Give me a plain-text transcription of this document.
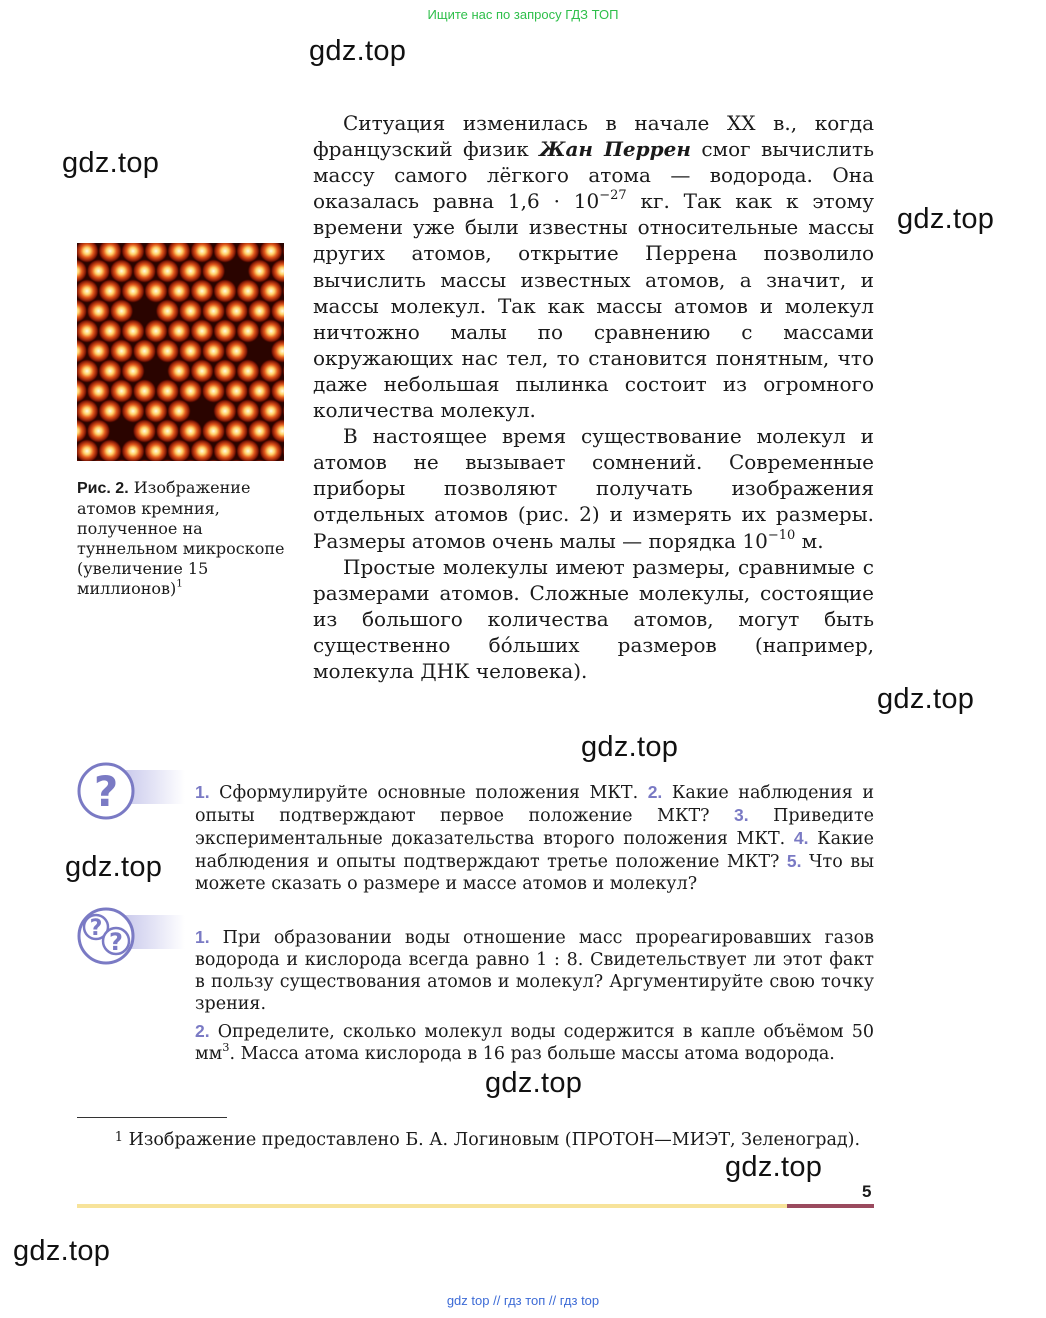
Ищите нас по запросу ГДЗ ТОП
gdz.top
gdz.top
gdz.top
gdz.top
gdz.top
gdz.top
gdz.top
gdz.top
gdz.top

Ситуация изменилась в начале XX в., когда французский физик Жан Перрен смог вычислить массу самого лёгкого атома — водорода. Она оказалась равна $1,6 \cdot 10^{-27}$ кг. Так как к этому времени уже были известны относительные массы других атомов, открытие Перрена позволило вычислить массы известных атомов, а значит, и массы молекул. Так как массы атомов и молекул ничтожно малы по сравнению с массами окружающих нас тел, то становится понятным, что даже небольшая пылинка состоит из огромного количества молекул.

В настоящее время существование молекул и атомов не вызывает сомнений. Современные приборы позволяют получать изображения отдельных атомов (рис. 2) и измерять их размеры. Размеры атомов очень малы — порядка $10^{-10}$ м.

Простые молекулы имеют размеры, сравнимые с размерами атомов. Сложные молекулы, состоящие из большого количества атомов, могут быть существенно бóльших размеров (например, молекула ДНК человека).

Рис. 2. Изображение атомов кремния, полученное на туннельном микроскопе (увеличение 15 миллионов)$^1$
?	1. Сформулируйте основные положения МКТ. 2. Какие наблюдения и опыты подтверждают первое положение МКТ? 3. Приведите экспериментальные доказательства второго положения МКТ. 4. Какие наблюдения и опыты подтверждают третье положение МКТ? 5. Что вы можете сказать о размере и массе атомов и молекул?

? ?	1. При образовании воды отношение масс прореагировавших газов водорода и кислорода всегда равно 1 : 8. Свидетельствует ли этот факт в пользу существования атомов и молекул? Аргументируйте свою точку зрения.

2. Определите, сколько молекул воды содержится в капле объёмом 50 $мм^3$. Масса атома кислорода в 16 раз больше массы атома водорода.

1 Изображение предоставлено Б. А. Логиновым (ПРОТОН—МИЭТ, Зеленоград).
5
gdz top // гдз топ // гдз top
